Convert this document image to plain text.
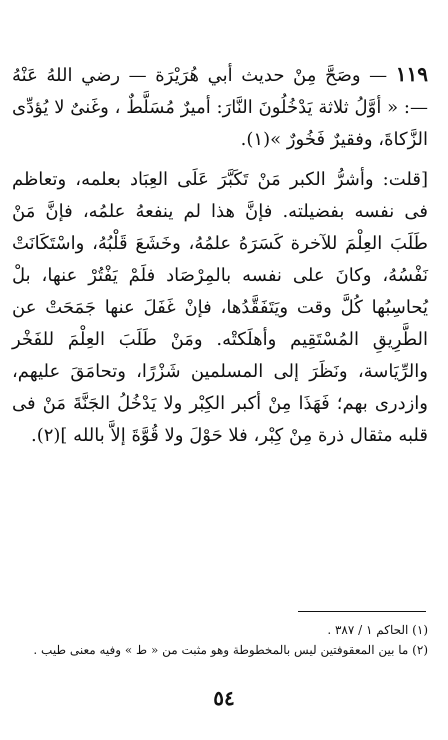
١١٩ — وصَحَّ مِنْ حديث أبي هُرَيْرَة — رضي اللهُ عَنْهُ —: « أوَّلُ ثلاثة يَدْخُلُونَ النَّارَ: أميرٌ مُسَلَّطٌ ، وغَنىٌ لا يُؤدِّى الزَّكاةَ، وفقيرٌ فَخُورٌ »(١).

[قلت: وأشرُّ الكبر مَنْ تَكَبَّرَ عَلَى العِبَاد بعلمه، وتعاظم فى نفسه بفضيلته. فإنَّ هذا لم ينفعهُ علمُه، فإنَّ مَنْ طَلَبَ العِلْمَ للآخرة كَسَرَهُ علمُهُ، وخَشَعَ قَلْبُهُ، واسْتَكَانَتْ نَفْسُهُ، وكانَ على نفسه بالمِرْصَاد فلَمْ يَفْتُرْ عنها، بلْ يُحاسِبُها كُلَّ وقت ويَتَفَقَّدُها، فإنْ غَفَلَ عنها جَمَحَتْ عن الطَّرِيقِ المُسْتَقِيم وأهلَكتْه. ومَنْ طَلَبَ العِلْمَ للفَخْر والرِّيَاسة، ونَظَرَ إلى المسلمين شَزْرًا، وتحامَقَ عليهم، وازدرى بهم؛ فَهَذَا مِنْ أكبر الكِبْر ولا يَدْخُلُ الجَنَّةَ مَنْ فى قلبه مثقال ذرة مِنْ كِبْر، فلا حَوْلَ ولا قُوَّةَ إلاَّ بالله ](٢).

(١) الحاكم ١ / ٣٨٧ .

(٢) ما بين المعقوفتين ليس بالمخطوطة وهو مثبت من « ط » وفيه معنى طيب .

٥٤
